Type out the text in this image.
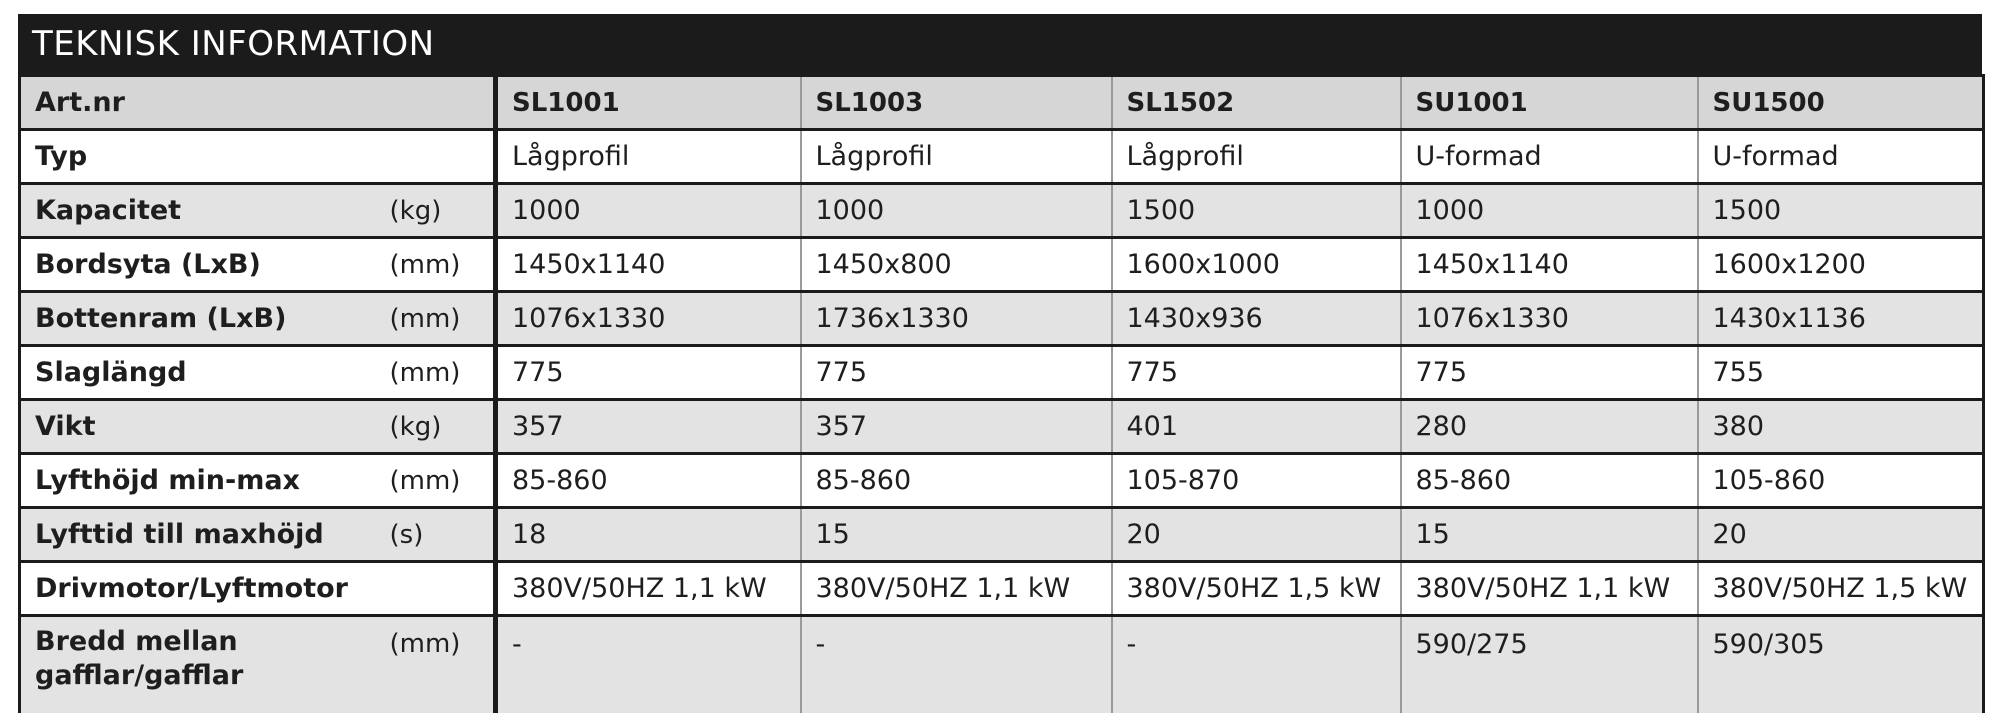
TEKNISK INFORMATION
Art.nr		SL1001	SL1003	SL1502	SU1001	SU1500
Typ		Lågprofil	Lågprofil	Lågprofil	U-formad	U-formad
Kapacitet	(kg)	1000	1000	1500	1000	1500
Bordsyta (LxB)	(mm)	1450x1140	1450x800	1600x1000	1450x1140	1600x1200
Bottenram (LxB)	(mm)	1076x1330	1736x1330	1430x936	1076x1330	1430x1136
Slaglängd	(mm)	775	775	775	775	755
Vikt	(kg)	357	357	401	280	380
Lyfthöjd min-max	(mm)	85-860	85-860	105-870	85-860	105-860
Lyfttid till maxhöjd	(s)	18	15	20	15	20
Drivmotor/Lyftmotor		380V/50HZ 1,1 kW	380V/50HZ 1,1 kW	380V/50HZ 1,5 kW	380V/50HZ 1,1 kW	380V/50HZ 1,5 kW
Bredd mellan gafflar/gafflar	(mm)	-	-	-	590/275	590/305
